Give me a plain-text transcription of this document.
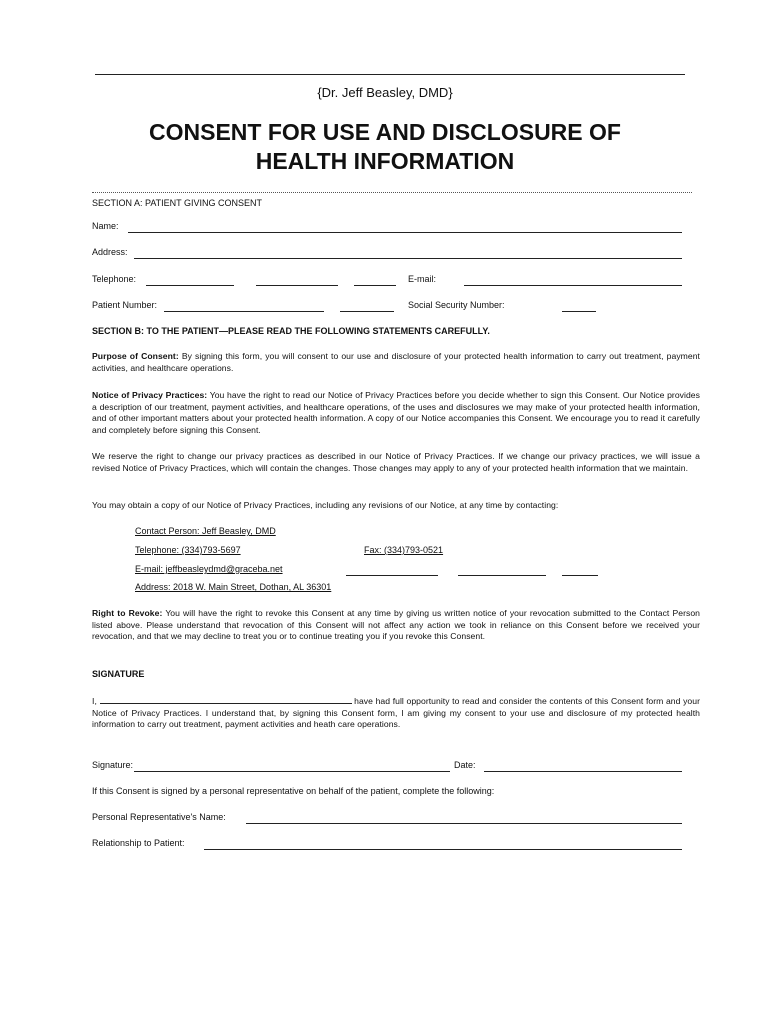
{Dr. Jeff Beasley, DMD}
CONSENT FOR USE AND DISCLOSURE OF
HEALTH INFORMATION
SECTION A: PATIENT GIVING CONSENT
Name:
Address:
Telephone:	E-mail:
Patient Number:	Social Security Number:
SECTION B: TO THE PATIENT—PLEASE READ THE FOLLOWING STATEMENTS CAREFULLY.
Purpose of Consent: By signing this form, you will consent to our use and disclosure of your protected health information to carry out treatment, payment activities, and healthcare operations.
Notice of Privacy Practices: You have the right to read our Notice of Privacy Practices before you decide whether to sign this Consent. Our Notice provides a description of our treatment, payment activities, and healthcare operations, of the uses and disclosures we may make of your protected health information, and of other important matters about your protected health information. A copy of our Notice accompanies this Consent. We encourage you to read it carefully and completely before signing this Consent.
We reserve the right to change our privacy practices as described in our Notice of Privacy Practices. If we change our privacy practices, we will issue a revised Notice of Privacy Practices, which will contain the changes. Those changes may apply to any of your protected health information that we maintain.
You may obtain a copy of our Notice of Privacy Practices, including any revisions of our Notice, at any time by contacting:
Contact Person: Jeff Beasley, DMD
Telephone: (334)793-5697	Fax: (334)793-0521
E-mail: jeffbeasleydmd@graceba.net
Address: 2018 W. Main Street, Dothan, AL 36301
Right to Revoke: You will have the right to revoke this Consent at any time by giving us written notice of your revocation submitted to the Contact Person listed above. Please understand that revocation of this Consent will not affect any action we took in reliance on this Consent before we received your revocation, and that we may decline to treat you or to continue treating you if you revoke this Consent.
SIGNATURE
I,	have had full opportunity to read and consider the contents of this Consent form and your Notice of Privacy Practices. I understand that, by signing this Consent form, I am giving my consent to your use and disclosure of my protected health information to carry out treatment, payment activities and heath care operations.
Signature:	Date:
If this Consent is signed by a personal representative on behalf of the patient, complete the following:
Personal Representative's Name:
Relationship to Patient:
